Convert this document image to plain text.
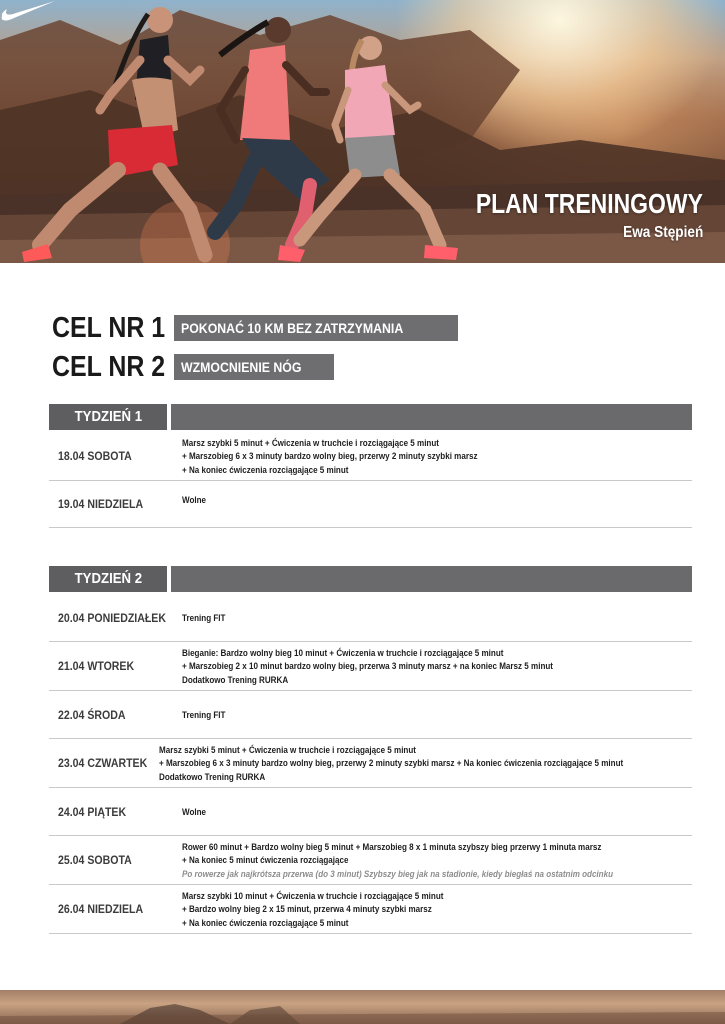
PLAN TRENINGOWY

Ewa Stępień

CEL NR 1	POKONAĆ 10 KM BEZ ZATRZYMANIA
CEL NR 2	WZMOCNIENIE NÓG
TYDZIEŃ 1
18.04 SOBOTA
Marsz szybki 5 minut + Ćwiczenia w truchcie i rozciągające 5 minut
+ Marszobieg 6 x 3 minuty bardzo wolny bieg, przerwy 2 minuty szybki marsz
+ Na koniec ćwiczenia rozciągające 5 minut
19.04 NIEDZIELA	Wolne
TYDZIEŃ 2
20.04 PONIEDZIAŁEK	Trening FIT
21.04 WTOREK
Bieganie: Bardzo wolny bieg 10 minut + Ćwiczenia w truchcie i rozciągające 5 minut
+ Marszobieg 2 x 10 minut bardzo wolny bieg, przerwa 3 minuty marsz + na koniec Marsz 5 minut
Dodatkowo Trening RURKA
22.04 ŚRODA	Trening FIT
23.04 CZWARTEK
Marsz szybki 5 minut + Ćwiczenia w truchcie i rozciągające 5 minut
+ Marszobieg 6 x 3 minuty bardzo wolny bieg, przerwy 2 minuty szybki marsz + Na koniec ćwiczenia rozciągające 5 minut
Dodatkowo Trening RURKA
24.04 PIĄTEK	Wolne
25.04 SOBOTA
Rower 60 minut + Bardzo wolny bieg 5 minut + Marszobieg 8 x 1 minuta szybszy bieg przerwy 1 minuta marsz
+ Na koniec 5 minut ćwiczenia rozciągające
Po rowerze jak najkrótsza przerwa (do 3 minut) Szybszy bieg jak na stadionie, kiedy biegłaś na ostatnim odcinku
26.04 NIEDZIELA
Marsz szybki 10 minut + Ćwiczenia w truchcie i rozciągające 5 minut
+ Bardzo wolny bieg 2 x 15 minut, przerwa 4 minuty szybki marsz
+ Na koniec ćwiczenia rozciągające 5 minut
